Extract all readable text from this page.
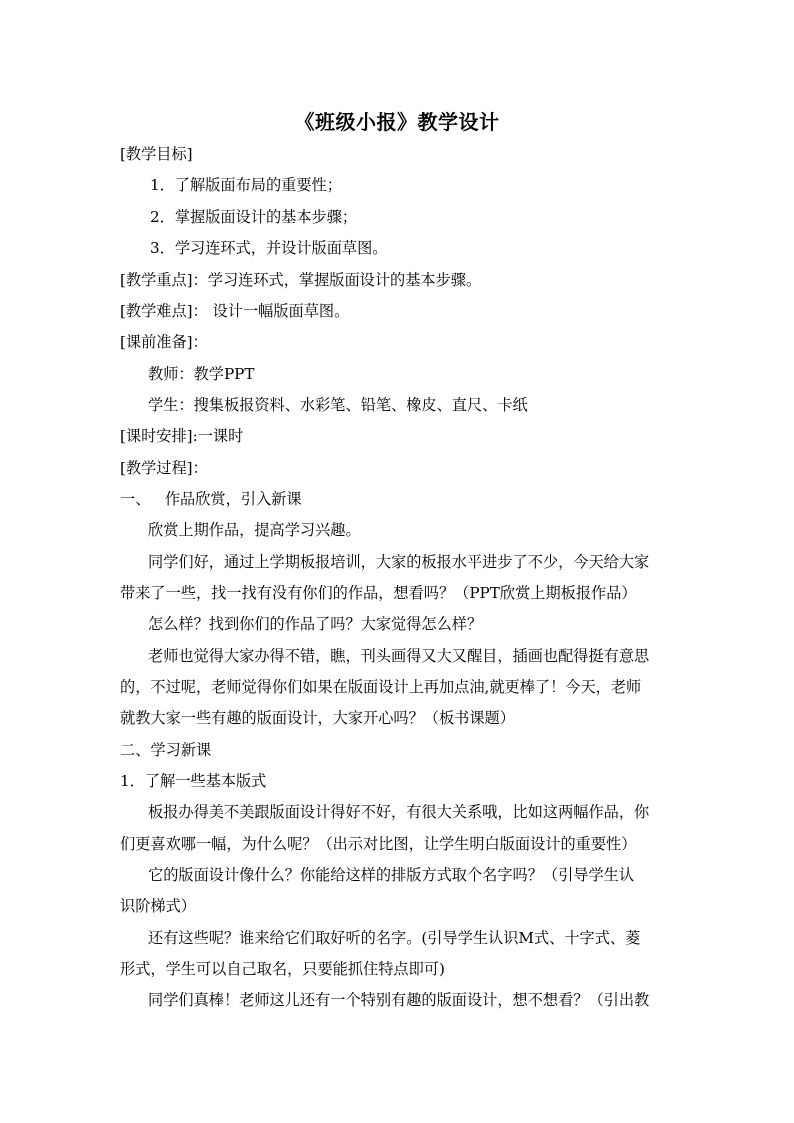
《班级小报》教学设计
[教学目标]
1．了解版面布局的重要性；
2．掌握版面设计的基本步骤；
3．学习连环式，并设计版面草图。
[教学重点]：学习连环式，掌握版面设计的基本步骤。
[教学难点]： 设计一幅版面草图。
[课前准备]：
教师：教学PPT
学生：搜集板报资料、水彩笔、铅笔、橡皮、直尺、卡纸
[课时安排]:一课时
[教学过程]：
一、   作品欣赏，引入新课
欣赏上期作品，提高学习兴趣。
同学们好，通过上学期板报培训，大家的板报水平进步了不少，今天给大家
带来了一些，找一找有没有你们的作品，想看吗？（PPT欣赏上期板报作品）
怎么样？找到你们的作品了吗？大家觉得怎么样？
老师也觉得大家办得不错，瞧，刊头画得又大又醒目，插画也配得挺有意思
的，不过呢，老师觉得你们如果在版面设计上再加点油,就更棒了！今天，老师
就教大家一些有趣的版面设计，大家开心吗？（板书课题）
二、学习新课
1．了解一些基本版式
板报办得美不美跟版面设计得好不好，有很大关系哦，比如这两幅作品，你
们更喜欢哪一幅，为什么呢？（出示对比图，让学生明白版面设计的重要性）
它的版面设计像什么？你能给这样的排版方式取个名字吗？（引导学生认
识阶梯式）
还有这些呢？谁来给它们取好听的名字。(引导学生认识M式、十字式、菱
形式，学生可以自己取名，只要能抓住特点即可)
同学们真棒！老师这儿还有一个特别有趣的版面设计，想不想看？（引出教
